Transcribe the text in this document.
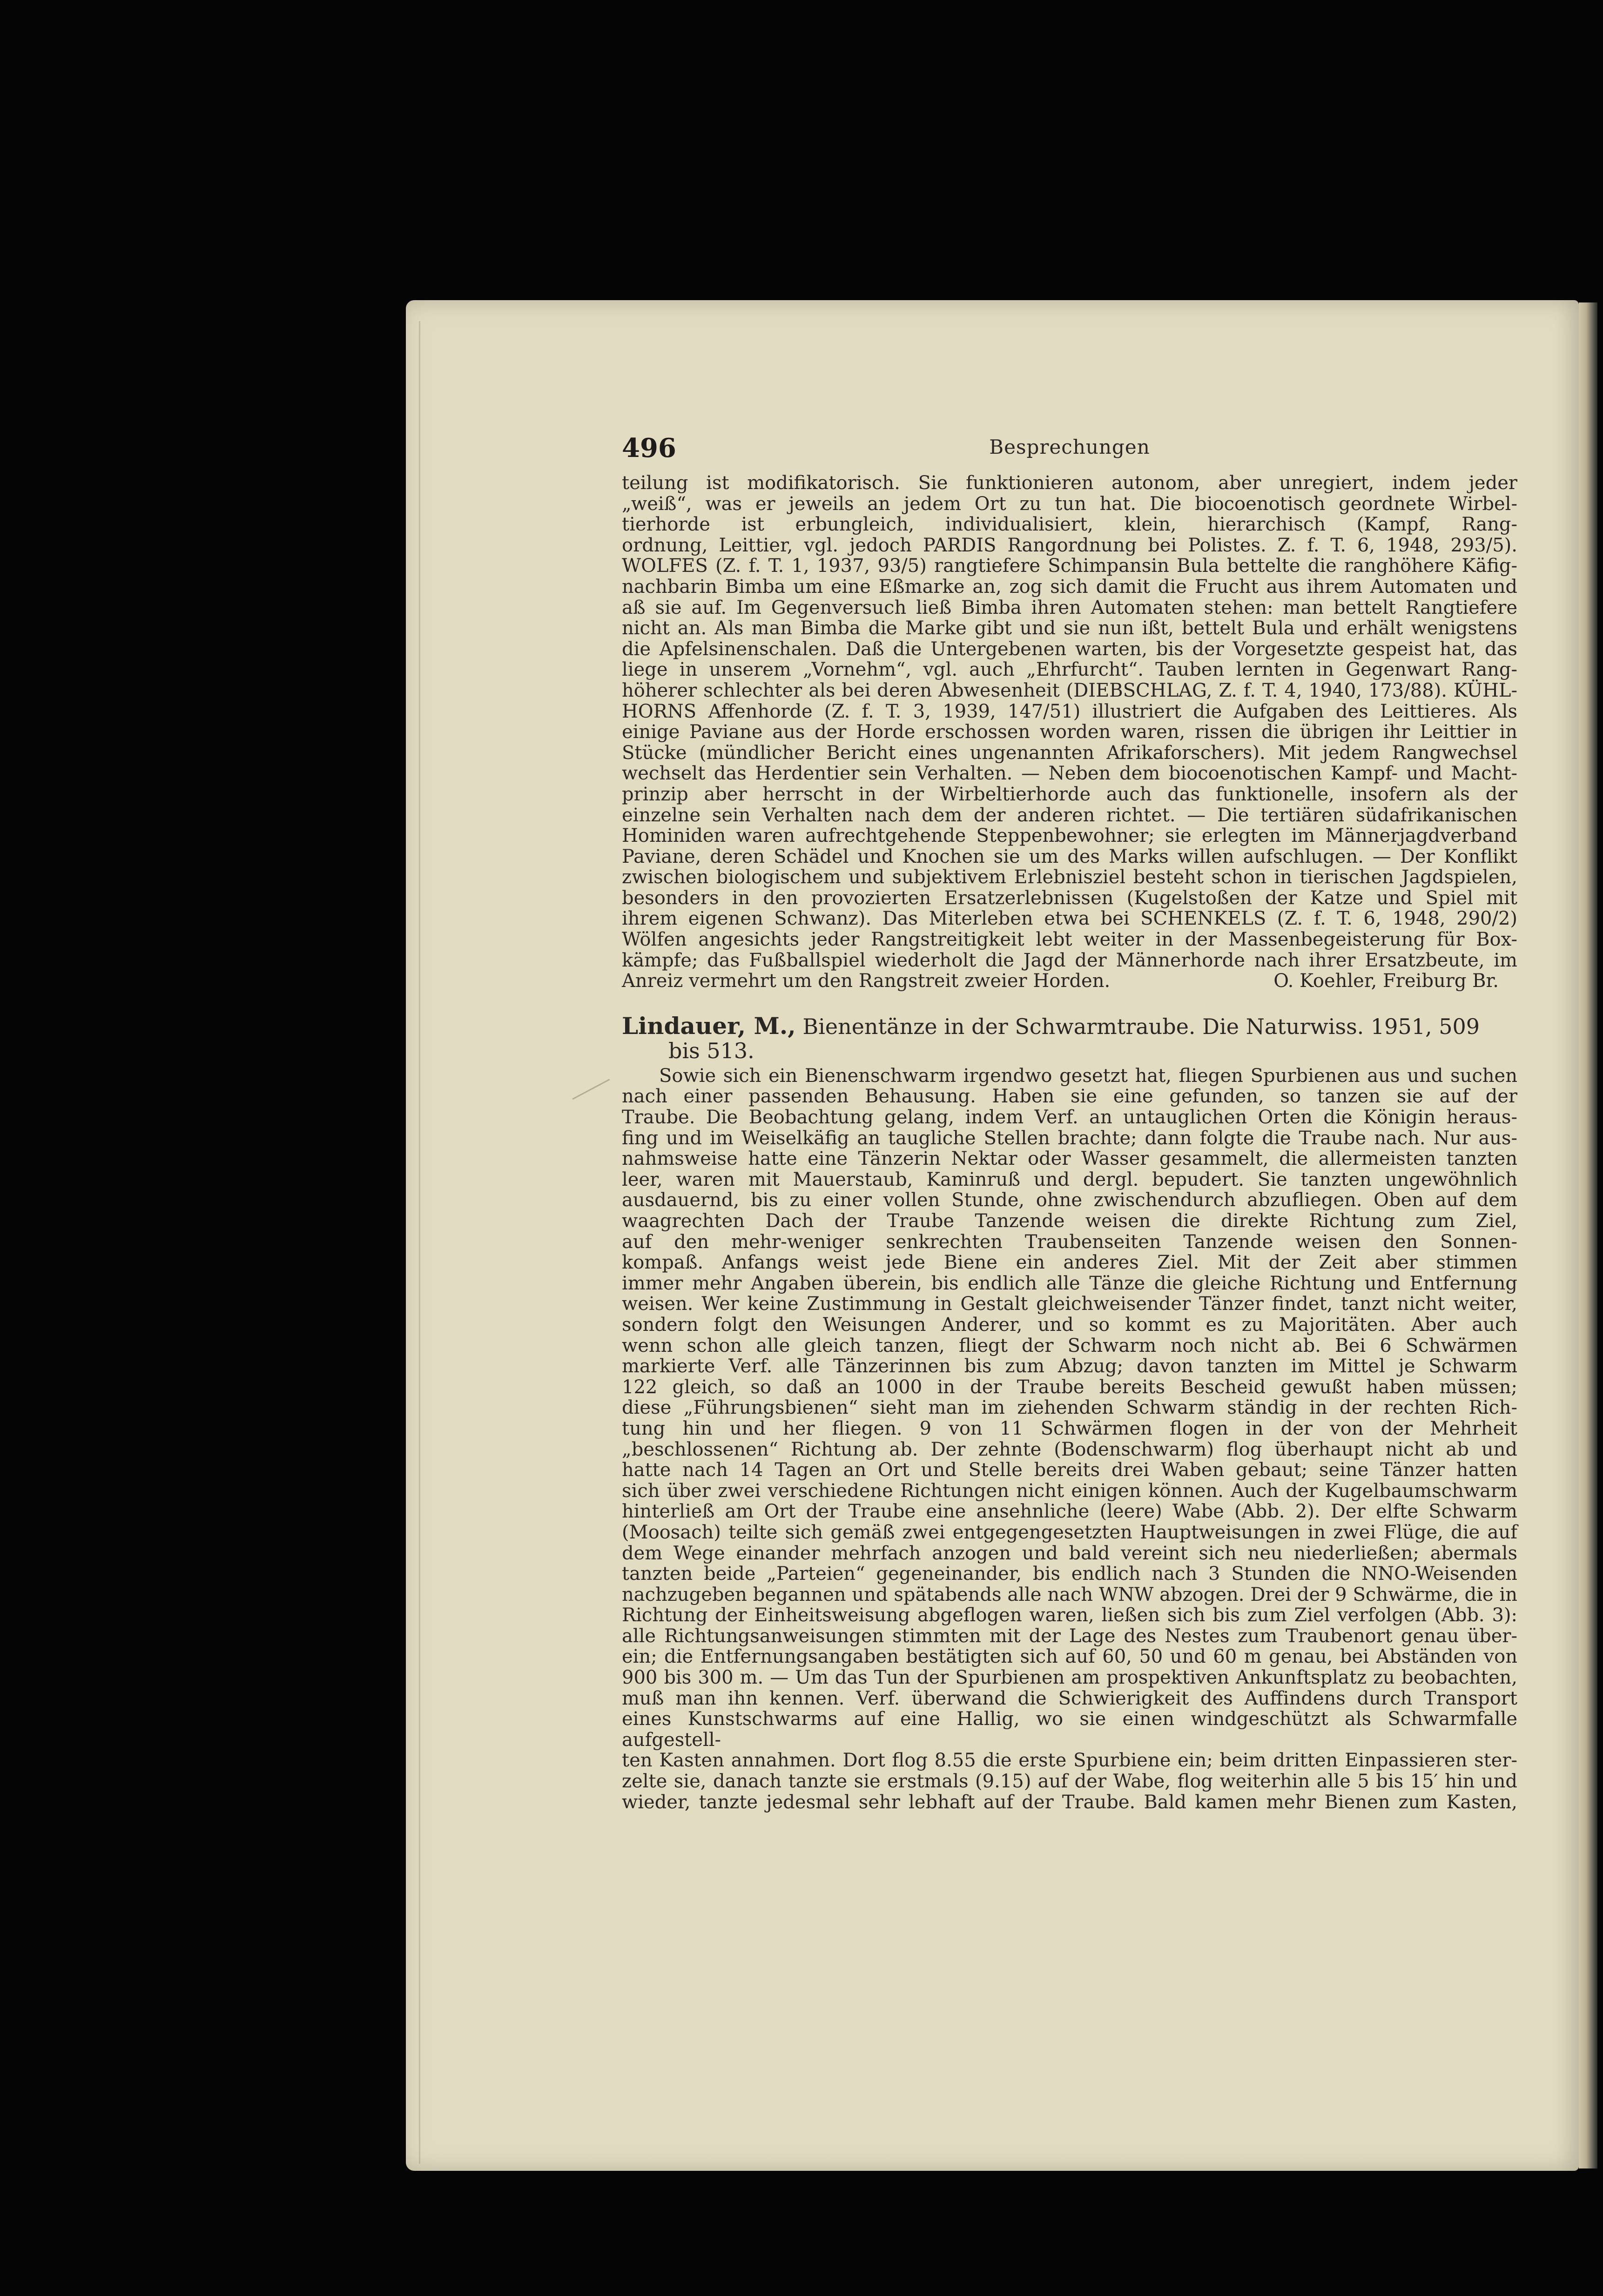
496	Besprechungen

teilung ist modifikatorisch. Sie funktionieren autonom, aber unregiert, indem jeder

„weiß“, was er jeweils an jedem Ort zu tun hat. Die biocoenotisch geordnete Wirbel-

tierhorde ist erbungleich, individualisiert, klein, hierarchisch (Kampf, Rang-

ordnung, Leittier, vgl. jedoch PARDIS Rangordnung bei Polistes. Z. f. T. 6, 1948, 293/5).

WOLFES (Z. f. T. 1, 1937, 93/5) rangtiefere Schimpansin Bula bettelte die ranghöhere Käfig-

nachbarin Bimba um eine Eßmarke an, zog sich damit die Frucht aus ihrem Automaten und

aß sie auf. Im Gegenversuch ließ Bimba ihren Automaten stehen: man bettelt Rangtiefere

nicht an. Als man Bimba die Marke gibt und sie nun ißt, bettelt Bula und erhält wenigstens

die Apfelsinenschalen. Daß die Untergebenen warten, bis der Vorgesetzte gespeist hat, das

liege in unserem „Vornehm“, vgl. auch „Ehrfurcht“. Tauben lernten in Gegenwart Rang-

höherer schlechter als bei deren Abwesenheit (DIEBSCHLAG, Z. f. T. 4, 1940, 173/88). KÜHL-

HORNS Affenhorde (Z. f. T. 3, 1939, 147/51) illustriert die Aufgaben des Leittieres. Als

einige Paviane aus der Horde erschossen worden waren, rissen die übrigen ihr Leittier in

Stücke (mündlicher Bericht eines ungenannten Afrikaforschers). Mit jedem Rangwechsel

wechselt das Herdentier sein Verhalten. — Neben dem biocoenotischen Kampf- und Macht-

prinzip aber herrscht in der Wirbeltierhorde auch das funktionelle, insofern als der

einzelne sein Verhalten nach dem der anderen richtet. — Die tertiären südafrikanischen

Hominiden waren aufrechtgehende Steppenbewohner; sie erlegten im Männerjagdverband

Paviane, deren Schädel und Knochen sie um des Marks willen aufschlugen. — Der Konflikt

zwischen biologischem und subjektivem Erlebnisziel besteht schon in tierischen Jagdspielen,

besonders in den provozierten Ersatzerlebnissen (Kugelstoßen der Katze und Spiel mit

ihrem eigenen Schwanz). Das Miterleben etwa bei SCHENKELS (Z. f. T. 6, 1948, 290/2)

Wölfen angesichts jeder Rangstreitigkeit lebt weiter in der Massenbegeisterung für Box-

kämpfe; das Fußballspiel wiederholt die Jagd der Männerhorde nach ihrer Ersatzbeute, im

Anreiz vermehrt um den Rangstreit zweier Horden.	O. Koehler, Freiburg Br.
Lindauer, M., Bienentänze in der Schwarmtraube. Die Naturwiss. 1951, 509
bis 513.

Sowie sich ein Bienenschwarm irgendwo gesetzt hat, fliegen Spurbienen aus und suchen

nach einer passenden Behausung. Haben sie eine gefunden, so tanzen sie auf der

Traube. Die Beobachtung gelang, indem Verf. an untauglichen Orten die Königin heraus-

fing und im Weiselkäfig an taugliche Stellen brachte; dann folgte die Traube nach. Nur aus-

nahmsweise hatte eine Tänzerin Nektar oder Wasser gesammelt, die allermeisten tanzten

leer, waren mit Mauerstaub, Kaminruß und dergl. bepudert. Sie tanzten ungewöhnlich

ausdauernd, bis zu einer vollen Stunde, ohne zwischendurch abzufliegen. Oben auf dem

waagrechten Dach der Traube Tanzende weisen die direkte Richtung zum Ziel,

auf den mehr-weniger senkrechten Traubenseiten Tanzende weisen den Sonnen-

kompaß. Anfangs weist jede Biene ein anderes Ziel. Mit der Zeit aber stimmen

immer mehr Angaben überein, bis endlich alle Tänze die gleiche Richtung und Entfernung

weisen. Wer keine Zustimmung in Gestalt gleichweisender Tänzer findet, tanzt nicht weiter,

sondern folgt den Weisungen Anderer, und so kommt es zu Majoritäten. Aber auch

wenn schon alle gleich tanzen, fliegt der Schwarm noch nicht ab. Bei 6 Schwärmen

markierte Verf. alle Tänzerinnen bis zum Abzug; davon tanzten im Mittel je Schwarm

122 gleich, so daß an 1000 in der Traube bereits Bescheid gewußt haben müssen;

diese „Führungsbienen“ sieht man im ziehenden Schwarm ständig in der rechten Rich-

tung hin und her fliegen. 9 von 11 Schwärmen flogen in der von der Mehrheit

„beschlossenen“ Richtung ab. Der zehnte (Bodenschwarm) flog überhaupt nicht ab und

hatte nach 14 Tagen an Ort und Stelle bereits drei Waben gebaut; seine Tänzer hatten

sich über zwei verschiedene Richtungen nicht einigen können. Auch der Kugelbaumschwarm

hinterließ am Ort der Traube eine ansehnliche (leere) Wabe (Abb. 2). Der elfte Schwarm

(Moosach) teilte sich gemäß zwei entgegengesetzten Hauptweisungen in zwei Flüge, die auf

dem Wege einander mehrfach anzogen und bald vereint sich neu niederließen; abermals

tanzten beide „Parteien“ gegeneinander, bis endlich nach 3 Stunden die NNO-Weisenden

nachzugeben begannen und spätabends alle nach WNW abzogen. Drei der 9 Schwärme, die in

Richtung der Einheitsweisung abgeflogen waren, ließen sich bis zum Ziel verfolgen (Abb. 3):

alle Richtungsanweisungen stimmten mit der Lage des Nestes zum Traubenort genau über-

ein; die Entfernungsangaben bestätigten sich auf 60, 50 und 60 m genau, bei Abständen von

900 bis 300 m. — Um das Tun der Spurbienen am prospektiven Ankunftsplatz zu beobachten,

muß man ihn kennen. Verf. überwand die Schwierigkeit des Auffindens durch Transport

eines Kunstschwarms auf eine Hallig, wo sie einen windgeschützt als Schwarmfalle aufgestell-

ten Kasten annahmen. Dort flog 8.55 die erste Spurbiene ein; beim dritten Einpassieren ster-

zelte sie, danach tanzte sie erstmals (9.15) auf der Wabe, flog weiterhin alle 5 bis 15′ hin und

wieder, tanzte jedesmal sehr lebhaft auf der Traube. Bald kamen mehr Bienen zum Kasten,
